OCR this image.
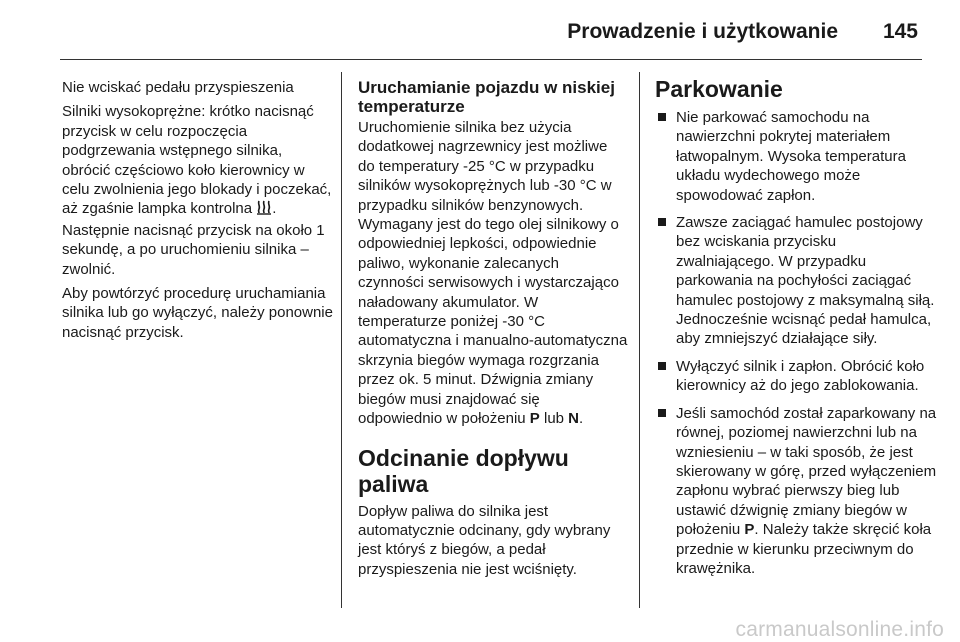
Prowadzenie i użytkowanie 145

Nie wciskać pedału przyspieszenia

Silniki wysokoprężne: krótko nacisnąć przycisk w celu rozpoczęcia podgrzewania wstępnego silnika, obrócić częściowo koło kierownicy w celu zwolnienia jego blokady i poczekać, aż zgaśnie lampka kontrolna . Następnie nacisnąć przycisk na około 1 sekundę, a po uruchomieniu silnika – zwolnić.

Aby powtórzyć procedurę uruchamiania silnika lub go wyłączyć, należy ponownie nacisnąć przycisk.

Uruchamianie pojazdu w niskiej temperaturze

Uruchomienie silnika bez użycia dodatkowej nagrzewnicy jest możliwe do temperatury -25 °C w przypadku silników wysokoprężnych lub -30 °C w przypadku silników benzynowych. Wymagany jest do tego olej silnikowy o odpowiedniej lepkości, odpowiednie paliwo, wykonanie zalecanych czynności serwisowych i wystarczająco naładowany akumulator. W temperaturze poniżej -30 °C automatyczna i manualno-automatyczna skrzynia biegów wymaga rozgrzania przez ok. 5 minut. Dźwignia zmiany biegów musi znajdować się odpowiednio w położeniu P lub N.

Odcinanie dopływu paliwa

Dopływ paliwa do silnika jest automatycznie odcinany, gdy wybrany jest któryś z biegów, a pedał przyspieszenia nie jest wciśnięty.

Parkowanie
Nie parkować samochodu na nawierzchni pokrytej materiałem łatwopalnym. Wysoka temperatura układu wydechowego może spowodować zapłon.
Zawsze zaciągać hamulec postojowy bez wciskania przycisku zwalniającego. W przypadku parkowania na pochyłości zaciągać hamulec postojowy z maksymalną siłą. Jednocześnie wcisnąć pedał hamulca, aby zmniejszyć działające siły.
Wyłączyć silnik i zapłon. Obrócić koło kierownicy aż do jego zablokowania.
Jeśli samochód został zaparkowany na równej, poziomej nawierzchni lub na wzniesieniu – w taki sposób, że jest skierowany w górę, przed wyłączeniem zapłonu wybrać pierwszy bieg lub ustawić dźwignię zmiany biegów w położeniu P. Należy także skręcić koła przednie w kierunku przeciwnym do krawężnika.
carmanualsonline.info
